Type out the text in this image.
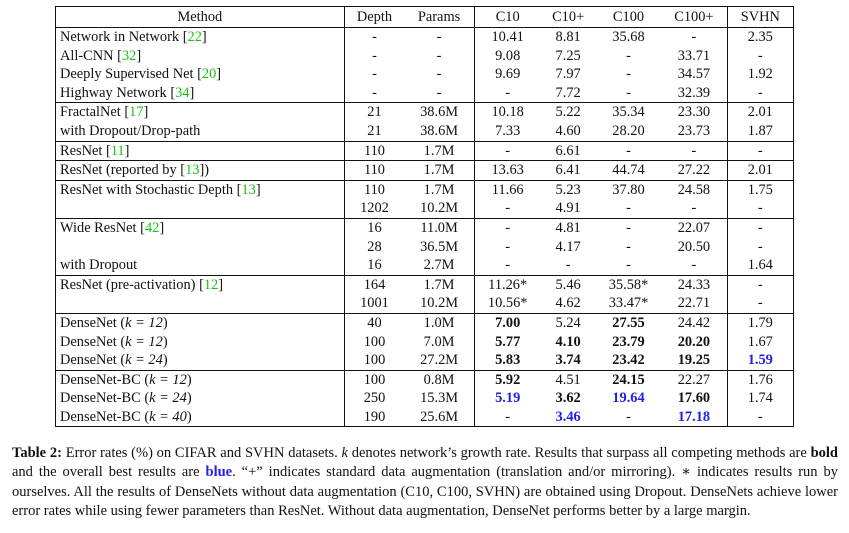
Method	Depth	Params	C10	C10+	C100	C100+	SVHN
Network in Network [22]	-	-	10.41	8.81	35.68	-	2.35
All-CNN [32]	-	-	9.08	7.25	-	33.71	-
Deeply Supervised Net [20]	-	-	9.69	7.97	-	34.57	1.92
Highway Network [34]	-	-	-	7.72	-	32.39	-
FractalNet [17]	21	38.6M	10.18	5.22	35.34	23.30	2.01
with Dropout/Drop-path	21	38.6M	7.33	4.60	28.20	23.73	1.87
ResNet [11]	110	1.7M	-	6.61	-	-	-
ResNet (reported by [13])	110	1.7M	13.63	6.41	44.74	27.22	2.01
ResNet with Stochastic Depth [13]	110	1.7M	11.66	5.23	37.80	24.58	1.75
	1202	10.2M	-	4.91	-	-	-
Wide ResNet [42]	16	11.0M	-	4.81	-	22.07	-
	28	36.5M	-	4.17	-	20.50	-
with Dropout	16	2.7M	-	-	-	-	1.64
ResNet (pre-activation) [12]	164	1.7M	11.26*	5.46	35.58*	24.33	-
	1001	10.2M	10.56*	4.62	33.47*	22.71	-
DenseNet (k = 12)	40	1.0M	7.00	5.24	27.55	24.42	1.79
DenseNet (k = 12)	100	7.0M	5.77	4.10	23.79	20.20	1.67
DenseNet (k = 24)	100	27.2M	5.83	3.74	23.42	19.25	1.59
DenseNet-BC (k = 12)	100	0.8M	5.92	4.51	24.15	22.27	1.76
DenseNet-BC (k = 24)	250	15.3M	5.19	3.62	19.64	17.60	1.74
DenseNet-BC (k = 40)	190	25.6M	-	3.46	-	17.18	-
Table 2: Error rates (%) on CIFAR and SVHN datasets. k denotes network’s growth rate. Results that surpass all competing methods are bold and the overall best results are blue. “+” indicates standard data augmentation (translation and/or mirroring). ∗ indicates results run by ourselves. All the results of DenseNets without data augmentation (C10, C100, SVHN) are obtained using Dropout. DenseNets achieve lower error rates while using fewer parameters than ResNet. Without data augmentation, DenseNet performs better by a large margin.
